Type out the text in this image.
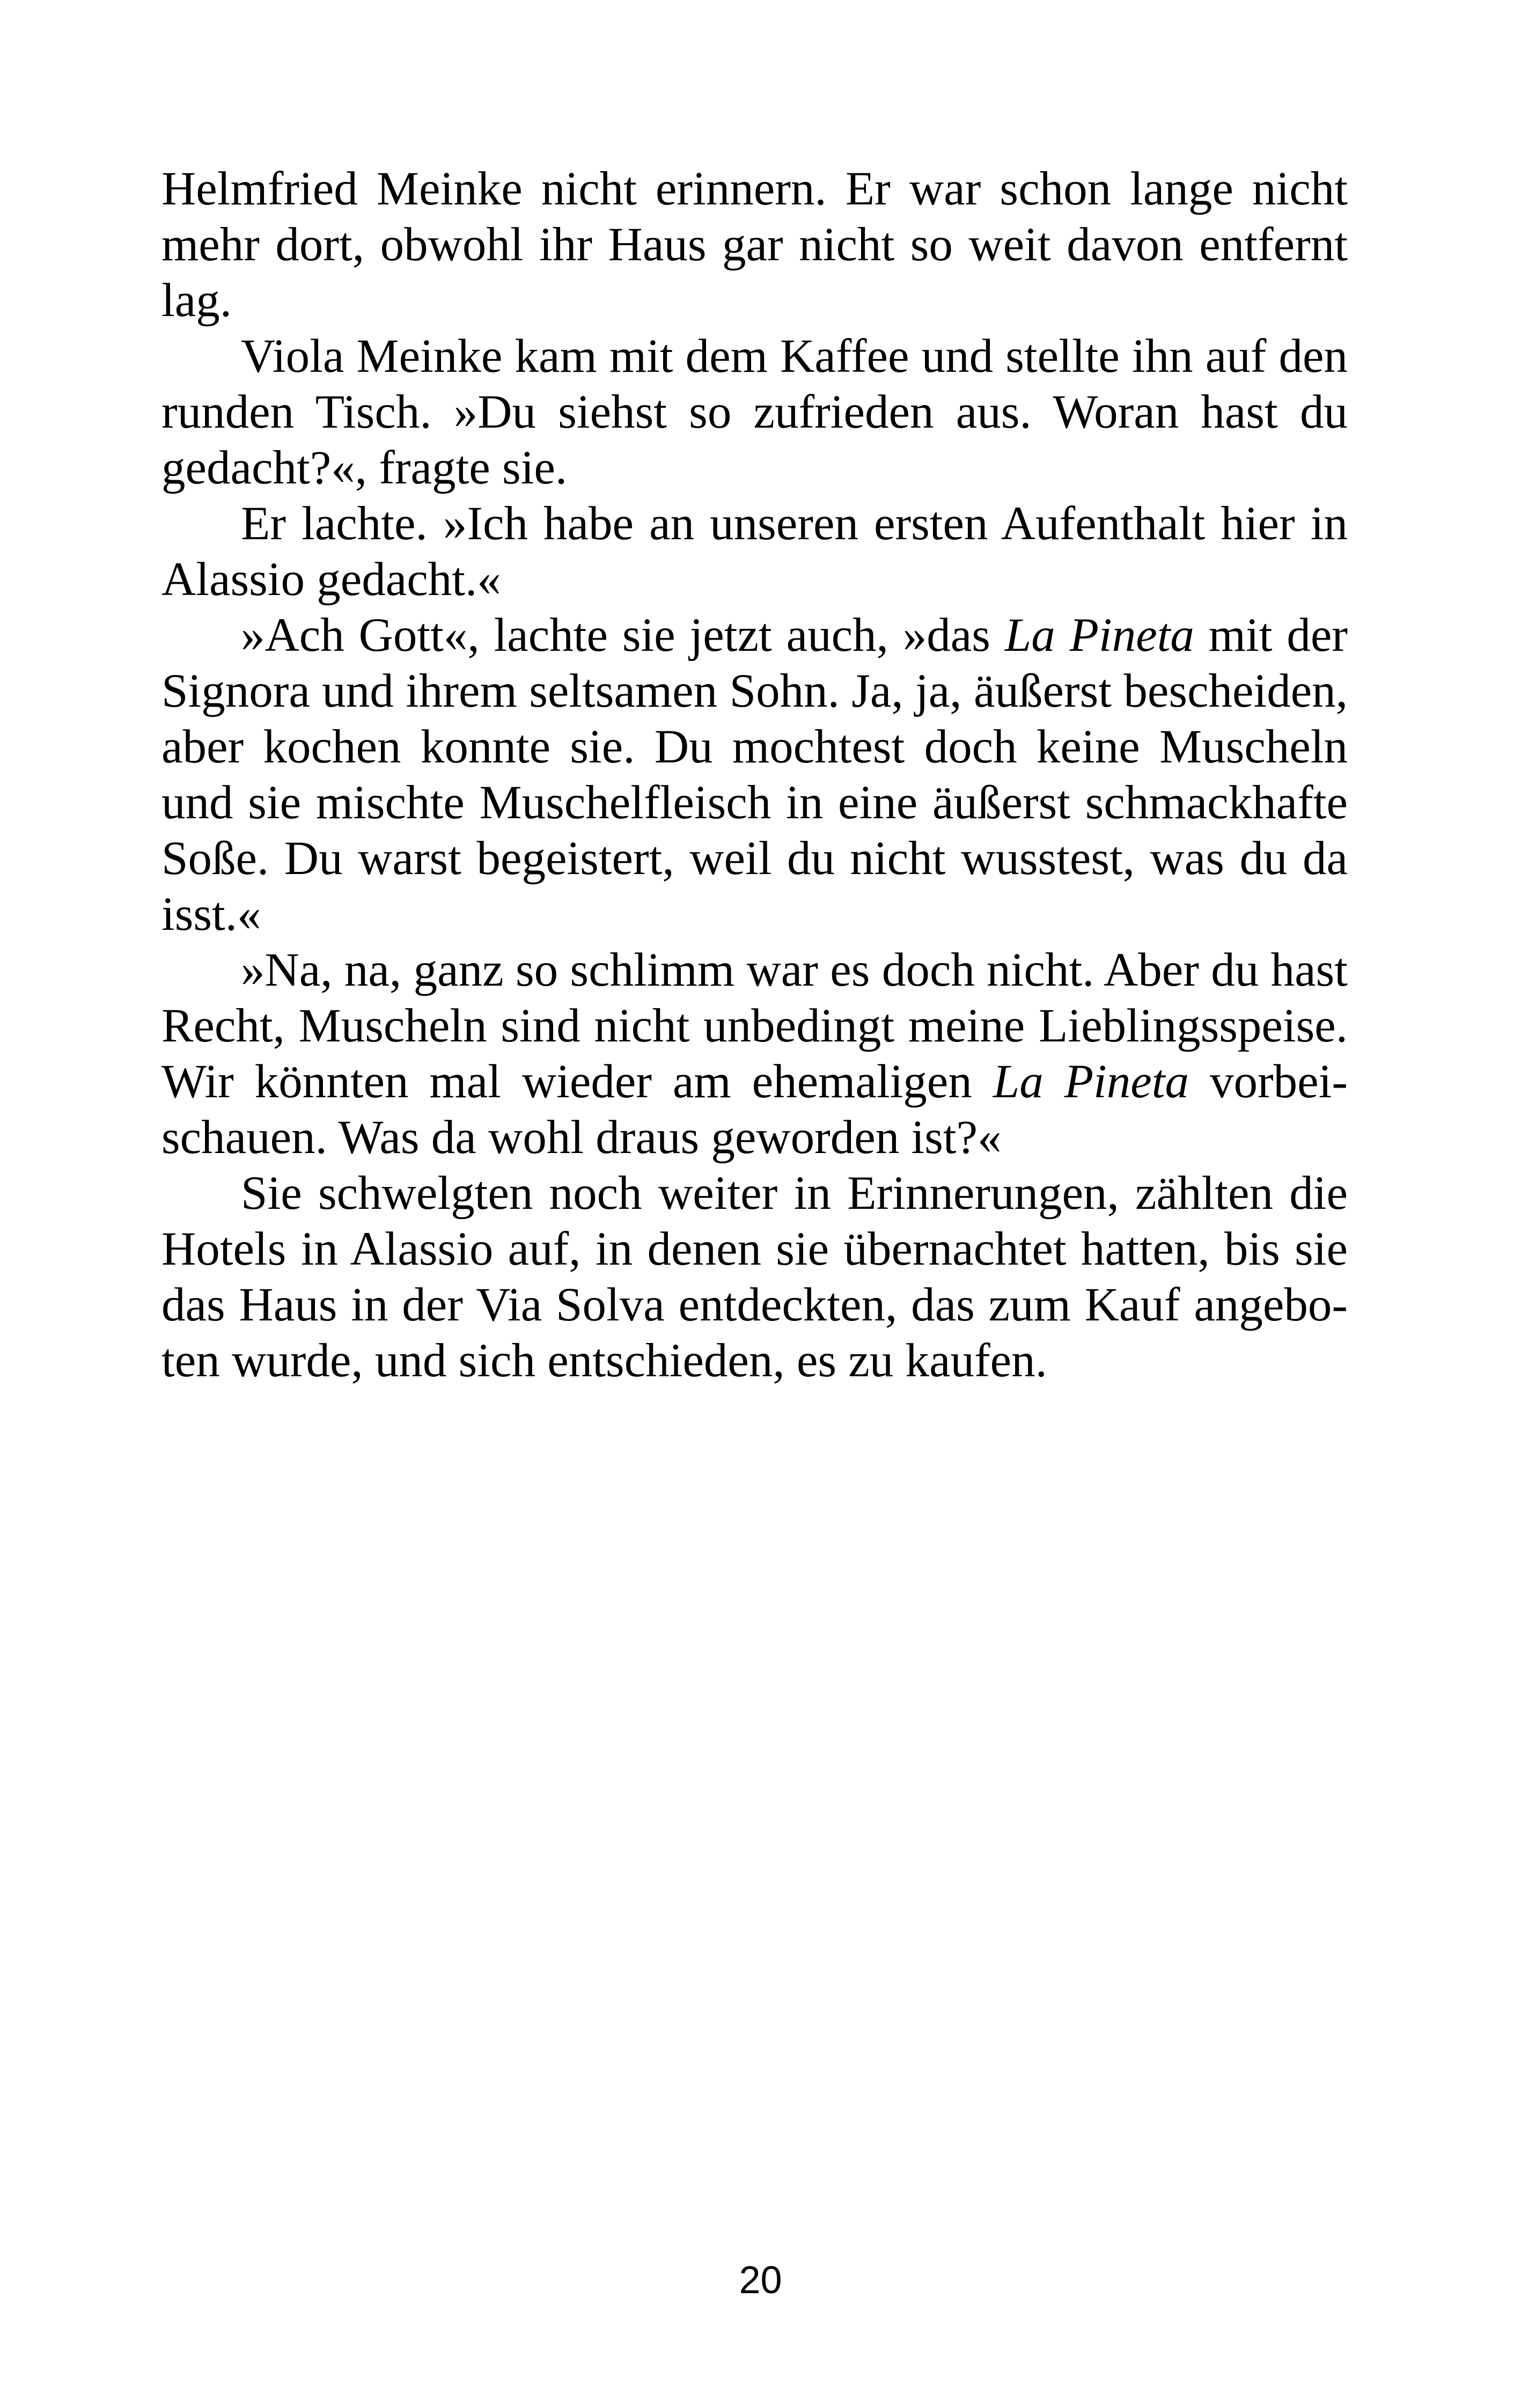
Helmfried Meinke nicht erinnern. Er war schon lange nicht
mehr dort, obwohl ihr Haus gar nicht so weit davon entfernt
lag.
Viola Meinke kam mit dem Kaffee und stellte ihn auf den
runden Tisch. »Du siehst so zufrieden aus. Woran hast du
gedacht?«, fragte sie.
Er lachte. »Ich habe an unseren ersten Aufenthalt hier in
Alassio gedacht.«
»Ach Gott«, lachte sie jetzt auch, »das La Pineta mit der
Signora und ihrem seltsamen Sohn. Ja, ja, äußerst bescheiden,
aber kochen konnte sie. Du mochtest doch keine Muscheln
und sie mischte Muschelfleisch in eine äußerst schmackhafte
Soße. Du warst begeistert, weil du nicht wusstest, was du da
isst.«
»Na, na, ganz so schlimm war es doch nicht. Aber du hast
Recht, Muscheln sind nicht unbedingt meine Lieblingsspeise.
Wir könnten mal wieder am ehemaligen La Pineta vorbei-
schauen. Was da wohl draus geworden ist?«
Sie schwelgten noch weiter in Erinnerungen, zählten die
Hotels in Alassio auf, in denen sie übernachtet hatten, bis sie
das Haus in der Via Solva entdeckten, das zum Kauf angebo-
ten wurde, und sich entschieden, es zu kaufen.
20
